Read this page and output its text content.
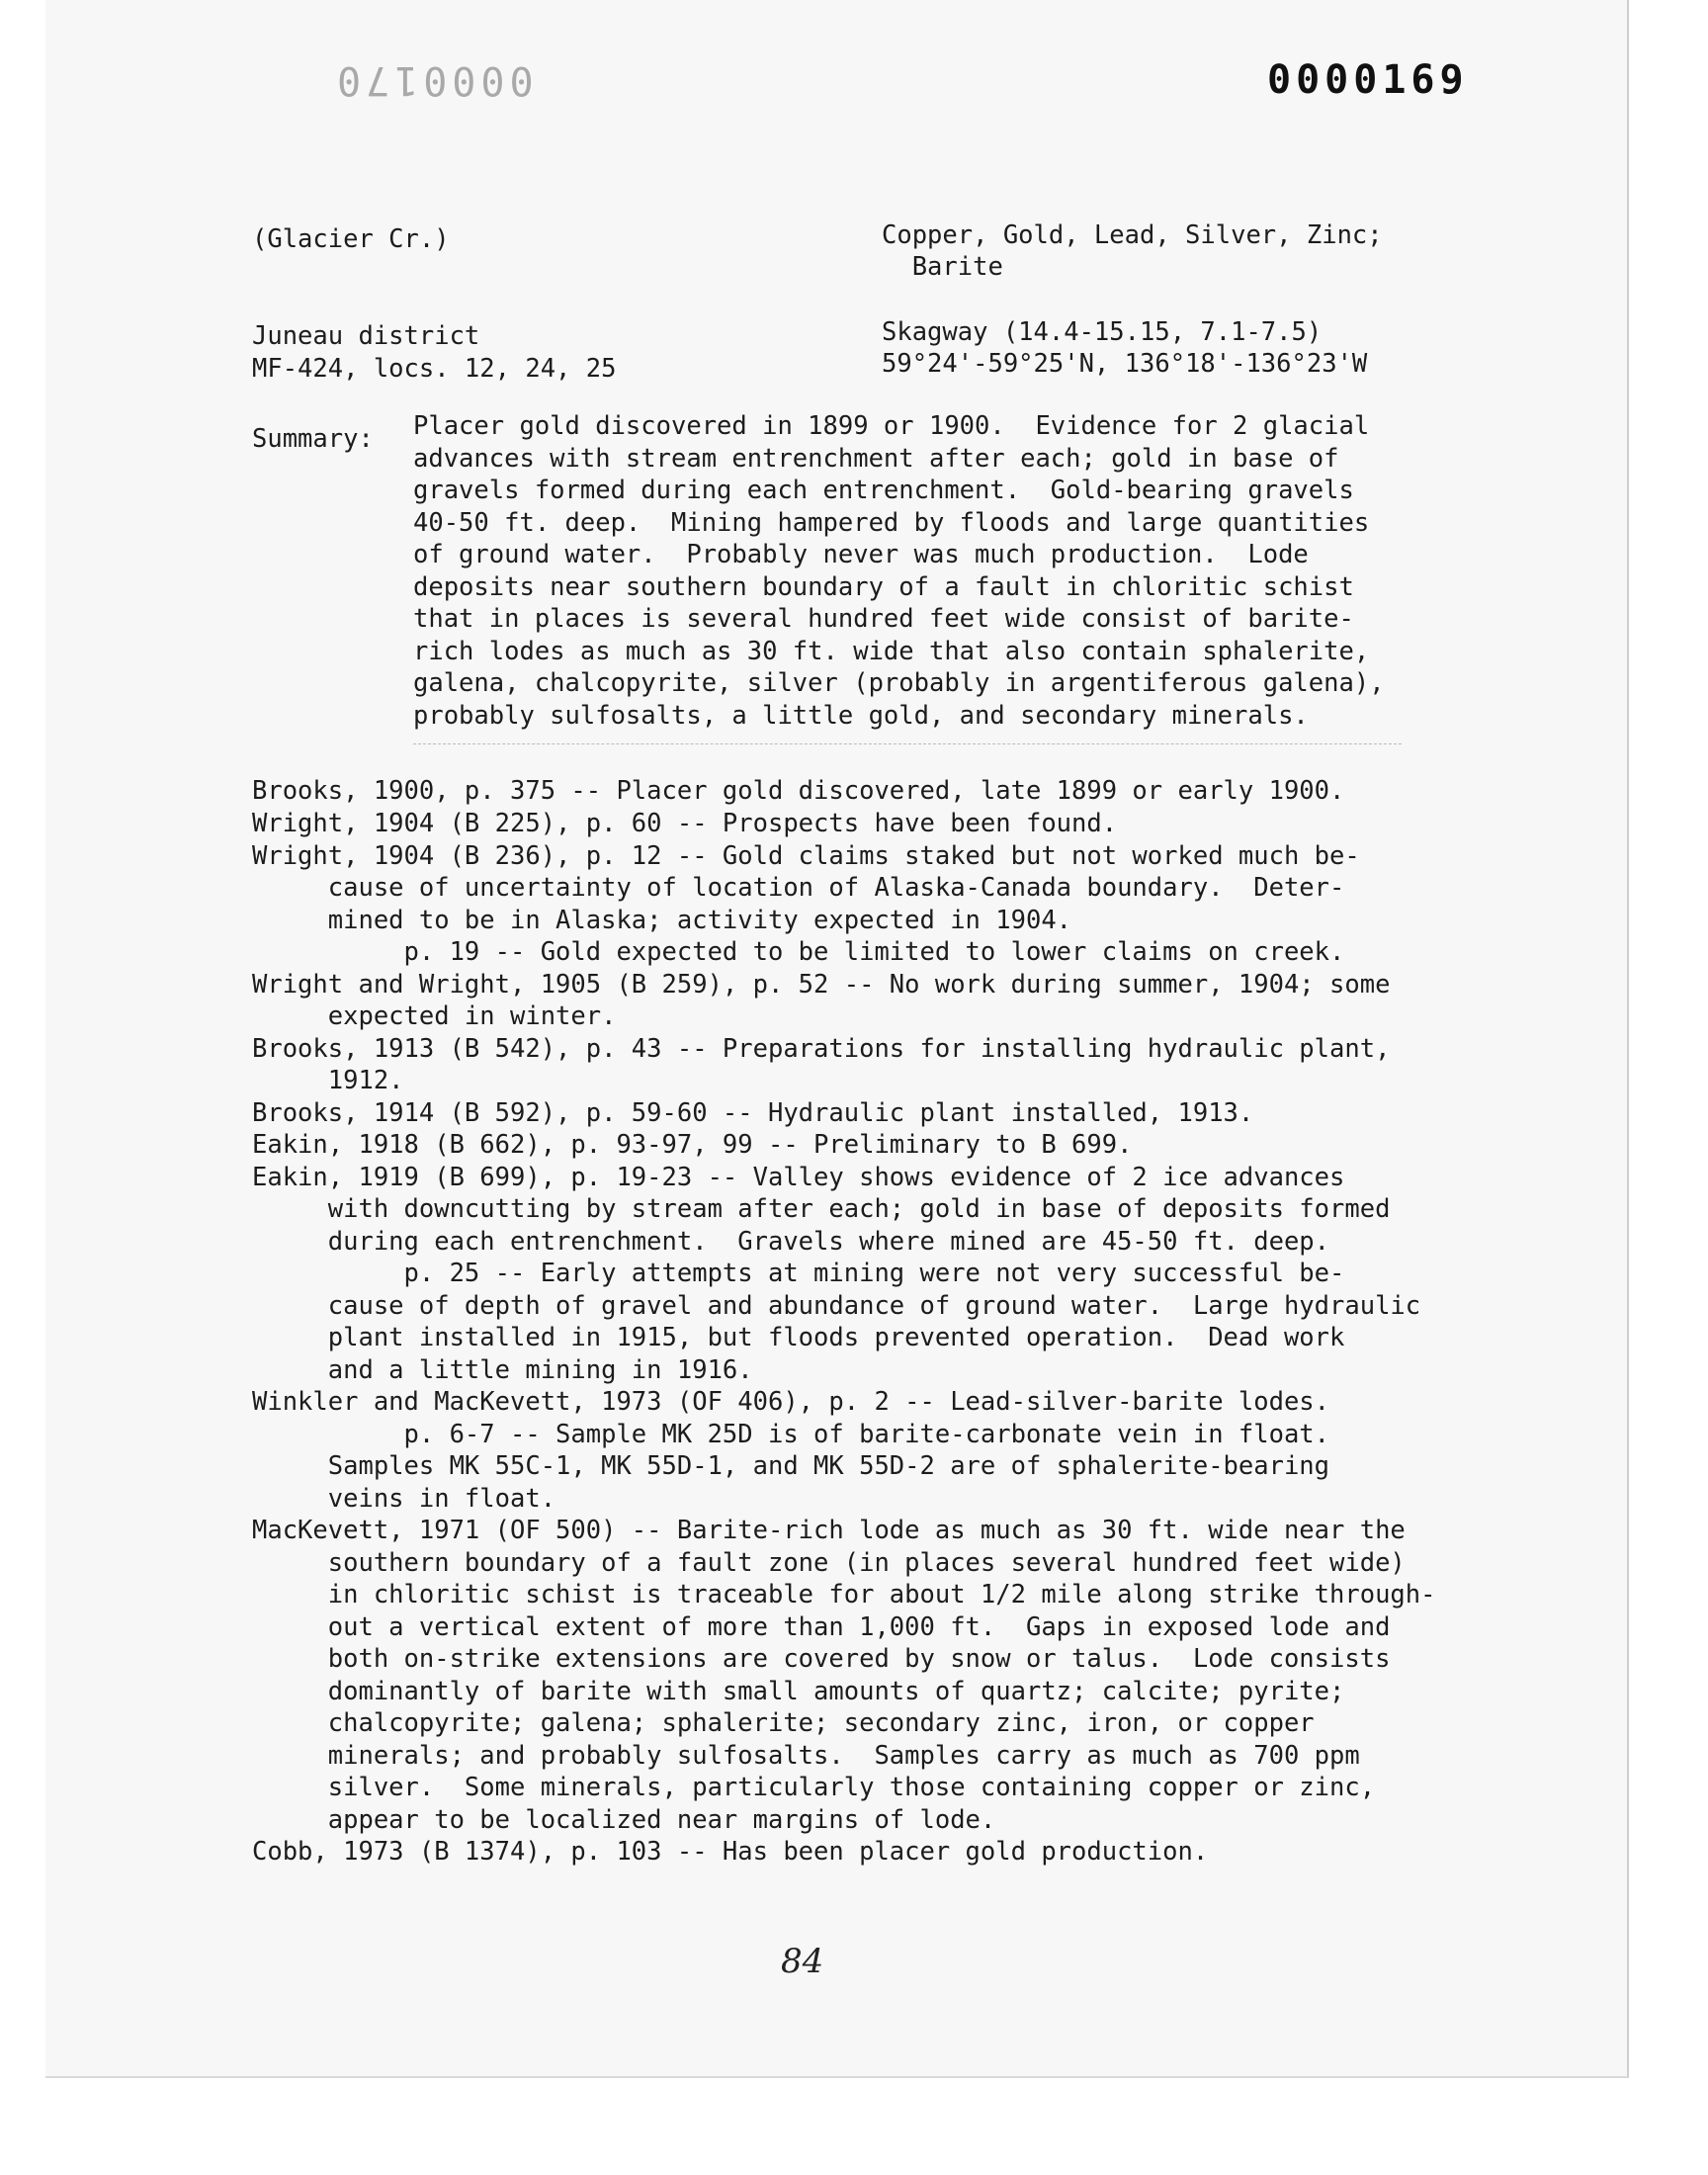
0000170	0000169
(Glacier Cr.)	Copper, Gold, Lead, Silver, Zinc;
Barite
Juneau district
MF-424, locs. 12, 24, 25
Skagway (14.4-15.15, 7.1-7.5)
59°24'-59°25'N, 136°18'-136°23'W
Summary: Placer gold discovered in 1899 or 1900.  Evidence for 2 glacial
advances with stream entrenchment after each; gold in base of
gravels formed during each entrenchment.  Gold-bearing gravels
40-50 ft. deep.  Mining hampered by floods and large quantities
of ground water.  Probably never was much production.  Lode
deposits near southern boundary of a fault in chloritic schist
that in places is several hundred feet wide consist of barite-
rich lodes as much as 30 ft. wide that also contain sphalerite,
galena, chalcopyrite, silver (probably in argentiferous galena),
probably sulfosalts, a little gold, and secondary minerals.
Brooks, 1900, p. 375 -- Placer gold discovered, late 1899 or early 1900.
Wright, 1904 (B 225), p. 60 -- Prospects have been found.
Wright, 1904 (B 236), p. 12 -- Gold claims staked but not worked much be-
cause of uncertainty of location of Alaska-Canada boundary.  Deter-
mined to be in Alaska; activity expected in 1904.
p. 19 -- Gold expected to be limited to lower claims on creek.
Wright and Wright, 1905 (B 259), p. 52 -- No work during summer, 1904; some
expected in winter.
Brooks, 1913 (B 542), p. 43 -- Preparations for installing hydraulic plant,
1912.
Brooks, 1914 (B 592), p. 59-60 -- Hydraulic plant installed, 1913.
Eakin, 1918 (B 662), p. 93-97, 99 -- Preliminary to B 699.
Eakin, 1919 (B 699), p. 19-23 -- Valley shows evidence of 2 ice advances
with downcutting by stream after each; gold in base of deposits formed
during each entrenchment.  Gravels where mined are 45-50 ft. deep.
p. 25 -- Early attempts at mining were not very successful be-
cause of depth of gravel and abundance of ground water.  Large hydraulic
plant installed in 1915, but floods prevented operation.  Dead work
and a little mining in 1916.
Winkler and MacKevett, 1973 (OF 406), p. 2 -- Lead-silver-barite lodes.
p. 6-7 -- Sample MK 25D is of barite-carbonate vein in float.
Samples MK 55C-1, MK 55D-1, and MK 55D-2 are of sphalerite-bearing
veins in float.
MacKevett, 1971 (OF 500) -- Barite-rich lode as much as 30 ft. wide near the
southern boundary of a fault zone (in places several hundred feet wide)
in chloritic schist is traceable for about 1/2 mile along strike through-
out a vertical extent of more than 1,000 ft.  Gaps in exposed lode and
both on-strike extensions are covered by snow or talus.  Lode consists
dominantly of barite with small amounts of quartz; calcite; pyrite;
chalcopyrite; galena; sphalerite; secondary zinc, iron, or copper
minerals; and probably sulfosalts.  Samples carry as much as 700 ppm
silver.  Some minerals, particularly those containing copper or zinc,
appear to be localized near margins of lode.
Cobb, 1973 (B 1374), p. 103 -- Has been placer gold production.
84
